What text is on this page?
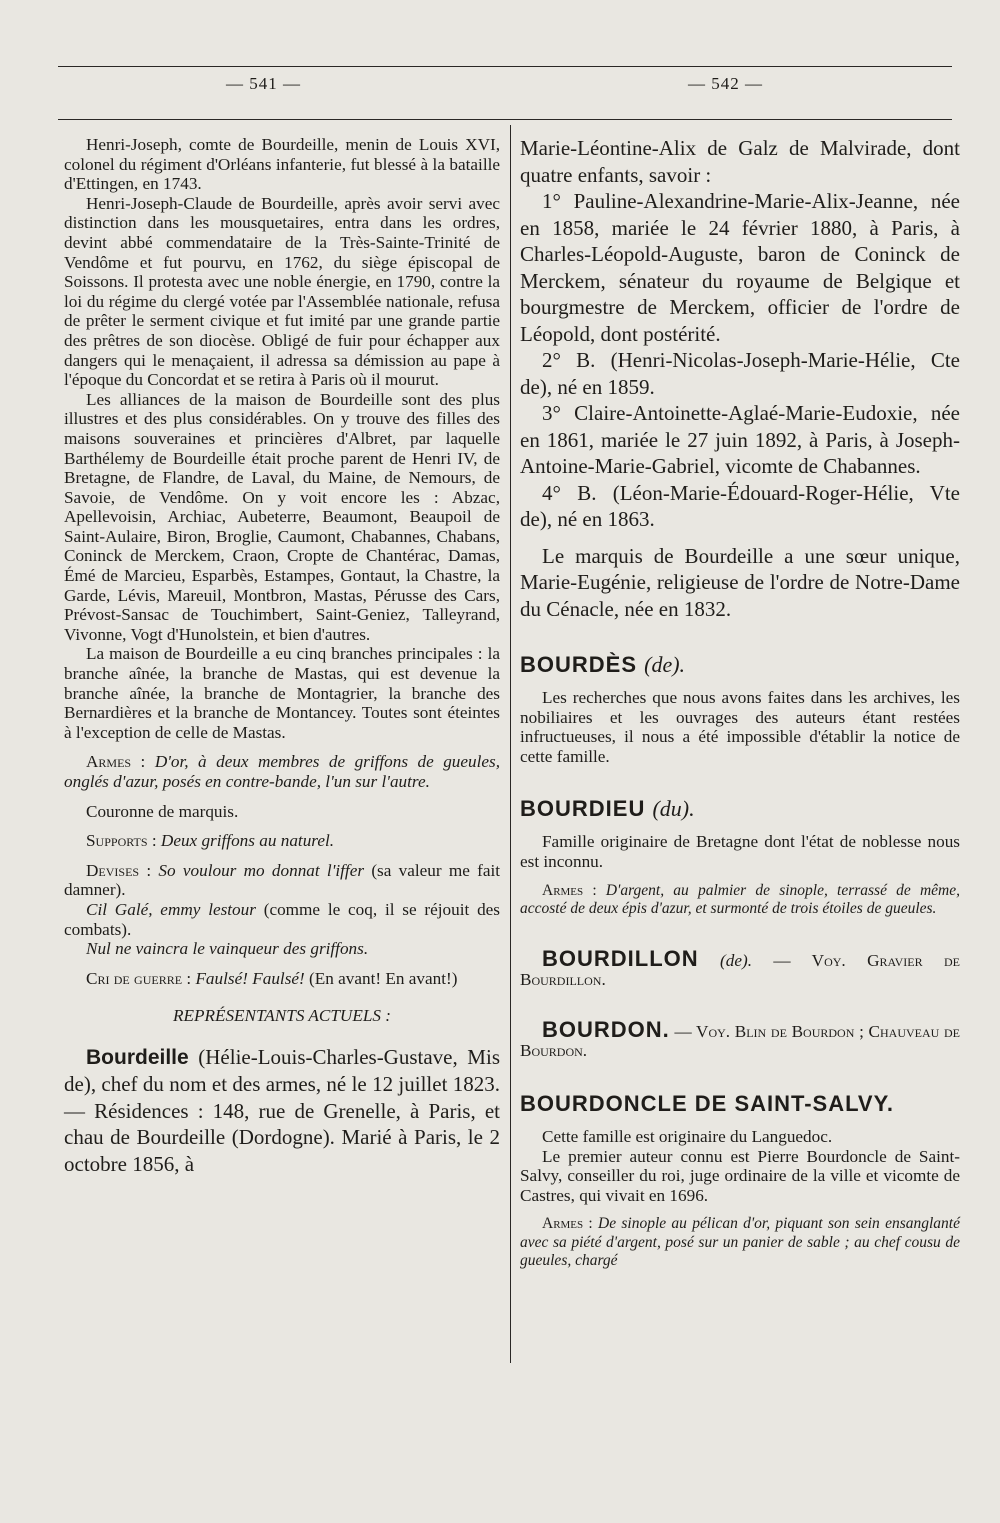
— 541 —	— 542 —

Henri-Joseph, comte de Bourdeille, menin de Louis XVI, colonel du régiment d'Orléans infanterie, fut blessé à la bataille d'Ettingen, en 1743.

Henri-Joseph-Claude de Bourdeille, après avoir servi avec distinction dans les mousquetaires, entra dans les ordres, devint abbé commendataire de la Très-Sainte-Trinité de Vendôme et fut pourvu, en 1762, du siège épiscopal de Soissons. Il protesta avec une noble énergie, en 1790, contre la loi du régime du clergé votée par l'Assemblée nationale, refusa de prêter le serment civique et fut imité par une grande partie des prêtres de son diocèse. Obligé de fuir pour échapper aux dangers qui le menaçaient, il adressa sa démission au pape à l'époque du Concordat et se retira à Paris où il mourut.

Les alliances de la maison de Bourdeille sont des plus illustres et des plus considérables. On y trouve des filles des maisons souveraines et princières d'Albret, par laquelle Barthélemy de Bourdeille était proche parent de Henri IV, de Bretagne, de Flandre, de Laval, du Maine, de Nemours, de Savoie, de Vendôme. On y voit encore les : Abzac, Apellevoisin, Archiac, Aubeterre, Beaumont, Beaupoil de Saint-Aulaire, Biron, Broglie, Caumont, Chabannes, Chabans, Coninck de Merckem, Craon, Cropte de Chantérac, Damas, Émé de Marcieu, Esparbès, Estampes, Gontaut, la Chastre, la Garde, Lévis, Mareuil, Montbron, Mastas, Pérusse des Cars, Prévost-Sansac de Touchimbert, Saint-Geniez, Talleyrand, Vivonne, Vogt d'Hunolstein, et bien d'autres.

La maison de Bourdeille a eu cinq branches principales : la branche aînée, la branche de Mastas, qui est devenue la branche aînée, la branche de Montagrier, la branche des Bernardières et la branche de Montancey. Toutes sont éteintes à l'exception de celle de Mastas.

Armes : D'or, à deux membres de griffons de gueules, onglés d'azur, posés en contre-bande, l'un sur l'autre.

Couronne de marquis.

Supports : Deux griffons au naturel.

Devises : So voulour mo donnat l'iffer (sa valeur me fait damner).

Cil Galé, emmy lestour (comme le coq, il se réjouit des combats).

Nul ne vaincra le vainqueur des griffons.

Cri de guerre : Faulsé! Faulsé! (En avant! En avant!)

REPRÉSENTANTS ACTUELS :

Bourdeille (Hélie-Louis-Charles-Gustave, Mis de), chef du nom et des armes, né le 12 juillet 1823. — Résidences : 148, rue de Grenelle, à Paris, et chau de Bourdeille (Dordogne). Marié à Paris, le 2 octobre 1856, à

Marie-Léontine-Alix de Galz de Malvirade, dont quatre enfants, savoir :

1° Pauline-Alexandrine-Marie-Alix-Jeanne, née en 1858, mariée le 24 février 1880, à Paris, à Charles-Léopold-Auguste, baron de Coninck de Merckem, sénateur du royaume de Belgique et bourgmestre de Merckem, officier de l'ordre de Léopold, dont postérité.

2° B. (Henri-Nicolas-Joseph-Marie-Hélie, Cte de), né en 1859.

3° Claire-Antoinette-Aglaé-Marie-Eudoxie, née en 1861, mariée le 27 juin 1892, à Paris, à Joseph-Antoine-Marie-Gabriel, vicomte de Chabannes.

4° B. (Léon-Marie-Édouard-Roger-Hélie, Vte de), né en 1863.

Le marquis de Bourdeille a une sœur unique, Marie-Eugénie, religieuse de l'ordre de Notre-Dame du Cénacle, née en 1832.

BOURDÈS (de).

Les recherches que nous avons faites dans les archives, les nobiliaires et les ouvrages des auteurs étant restées infructueuses, il nous a été impossible d'établir la notice de cette famille.

BOURDIEU (du).

Famille originaire de Bretagne dont l'état de noblesse nous est inconnu.

Armes : D'argent, au palmier de sinople, terrassé de même, accosté de deux épis d'azur, et surmonté de trois étoiles de gueules.

BOURDILLON (de). — Voy. Gravier de Bourdillon.

BOURDON. — Voy. Blin de Bourdon ; Chauveau de Bourdon.

BOURDONCLE DE SAINT-SALVY.

Cette famille est originaire du Languedoc.

Le premier auteur connu est Pierre Bourdoncle de Saint-Salvy, conseiller du roi, juge ordinaire de la ville et vicomte de Castres, qui vivait en 1696.

Armes : De sinople au pélican d'or, piquant son sein ensanglanté avec sa piété d'argent, posé sur un panier de sable ; au chef cousu de gueules, chargé
